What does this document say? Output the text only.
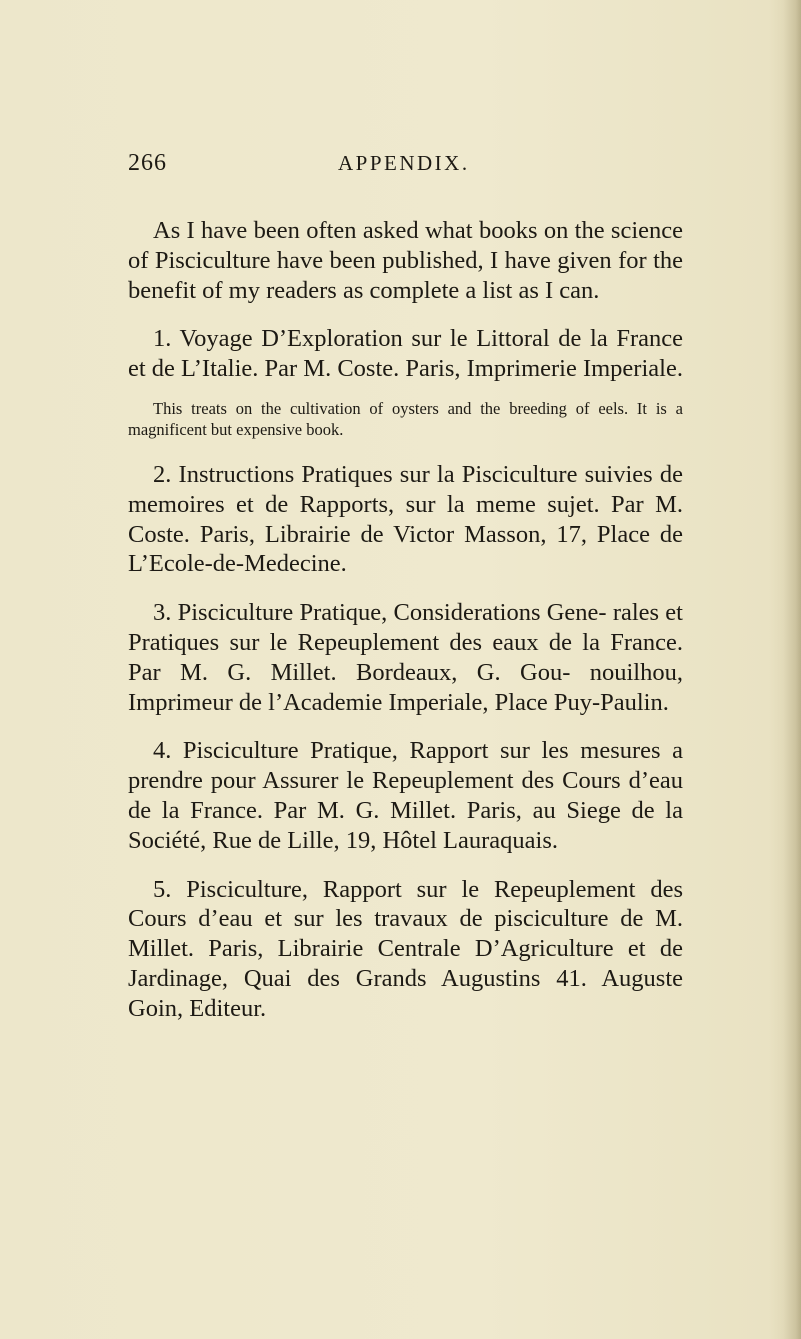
266	APPENDIX.

As I have been often asked what books on the science of Pisciculture have been published, I have given for the benefit of my readers as complete a list as I can.

1. Voyage D’Exploration sur le Littoral de la France et de L’Italie. Par M. Coste. Paris, Imprimerie Imperiale.

This treats on the cultivation of oysters and the breeding of eels. It is a magnificent but expensive book.

2. Instructions Pratiques sur la Pisciculture suivies de memoires et de Rapports, sur la meme sujet. Par M. Coste. Paris, Librairie de Victor Masson, 17, Place de L’Ecole-de-Medecine.

3. Pisciculture Pratique, Considerations Gene- rales et Pratiques sur le Repeuplement des eaux de la France. Par M. G. Millet. Bordeaux, G. Gou- nouilhou, Imprimeur de l’Academie Imperiale, Place Puy-Paulin.

4. Pisciculture Pratique, Rapport sur les mesures a prendre pour Assurer le Repeuplement des Cours d’eau de la France. Par M. G. Millet. Paris, au Siege de la Société, Rue de Lille, 19, Hôtel Lauraquais.

5. Pisciculture, Rapport sur le Repeuplement des Cours d’eau et sur les travaux de pisciculture de M. Millet. Paris, Librairie Centrale D’Agriculture et de Jardinage, Quai des Grands Augustins 41. Auguste Goin, Editeur.
